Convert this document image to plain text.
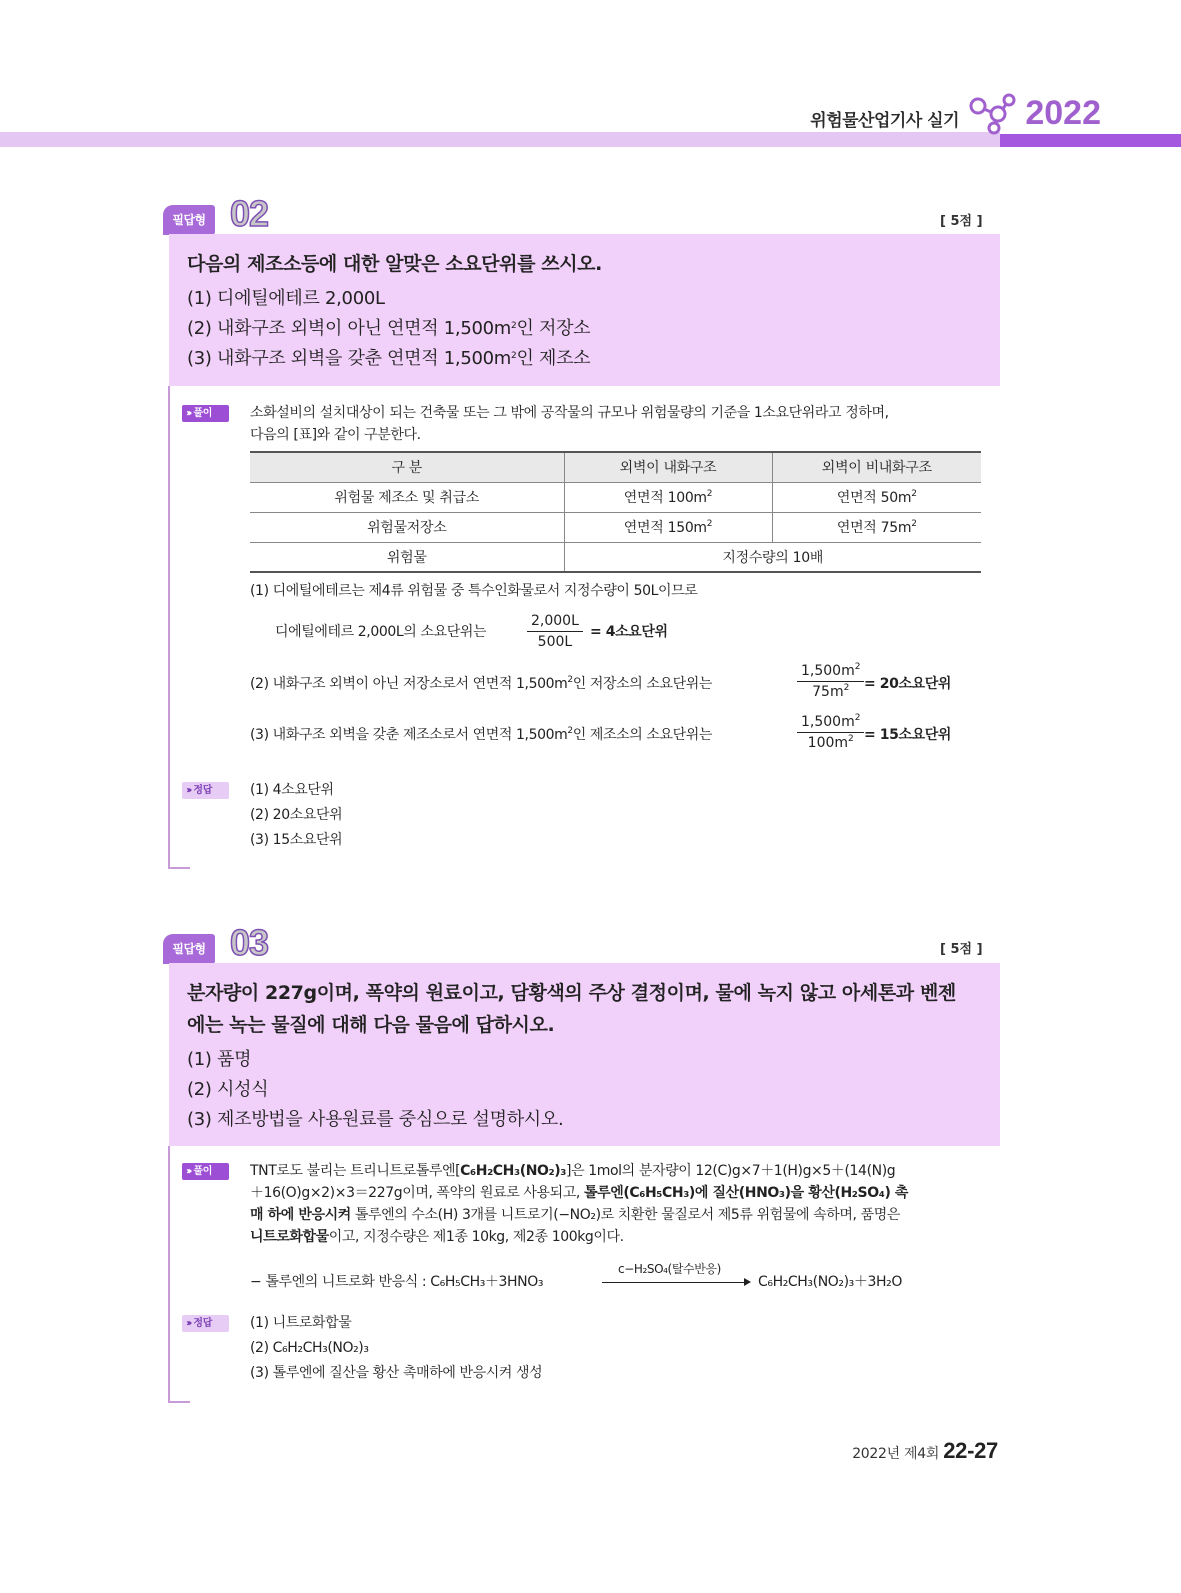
위험물산업기사 실기 2022
필답형 02	[ 5점 ]
다음의 제조소등에 대한 알맞은 소요단위를 쓰시오.
(1) 디에틸에테르 2,000L
(2) 내화구조 외벽이 아닌 연면적 $1,500m^2$인 저장소
(3) 내화구조 외벽을 갖춘 연면적 $1,500m^2$인 제조소
››› 풀이	소화설비의 설치대상이 되는 건축물 또는 그 밖에 공작물의 규모나 위험물량의 기준을 1소요단위라고 정하며,
다음의 [표]와 같이 구분한다.
구 분	외벽이 내화구조	외벽이 비내화구조
위험물 제조소 및 취급소	연면적 $100m^2$	연면적 $50m^2$
위험물저장소	연면적 $150m^2$	연면적 $75m^2$
위험물	지정수량의 10배	
(1) 디에틸에테르는 제4류 위험물 중 특수인화물로서 지정수량이 50L이므로
디에틸에테르 2,000L의 소요단위는	$\frac{2,000L}{500L} = 4$소요단위
(2) 내화구조 외벽이 아닌 저장소로서 연면적 $1,500m^2$인 저장소의 소요단위는	$\frac{1,500m^2}{75m^2} = 20$소요단위
(3) 내화구조 외벽을 갖춘 제조소로서 연면적 $1,500m^2$인 제조소의 소요단위는	$\frac{1,500m^2}{100m^2} = 15$소요단위
››› 정답	(1) 4소요단위
(2) 20소요단위
(3) 15소요단위
필답형 03	[ 5점 ]
분자량이 227g이며, 폭약의 원료이고, 담황색의 주상 결정이며, 물에 녹지 않고 아세톤과 벤젠
에는 녹는 물질에 대해 다음 물음에 답하시오.
(1) 품명
(2) 시성식
(3) 제조방법을 사용원료를 중심으로 설명하시오.
››› 풀이	TNT로도 불리는 트리니트로톨루엔[C₆H₂CH₃(NO₂)₃]은 1mol의 분자량이 12(C)g×7＋1(H)g×5＋(14(N)g
＋16(O)g×2)×3＝227g이며, 폭약의 원료로 사용되고, 톨루엔(C₆H₅CH₃)에 질산(HNO₃)을 황산(H₂SO₄) 촉
매 하에 반응시켜 톨루엔의 수소(H) 3개를 니트로기(−NO₂)로 치환한 물질로서 제5류 위험물에 속하며, 품명은
니트로화합물이고, 지정수량은 제1종 10kg, 제2종 100kg이다.
− 톨루엔의 니트로화 반응식 : C₆H₅CH₃＋3HNO₃
c−H₂SO₄(탈수반응)
C₆H₂CH₃(NO₂)₃＋3H₂O
››› 정답	(1) 니트로화합물
(2) C₆H₂CH₃(NO₂)₃
(3) 톨루엔에 질산을 황산 촉매하에 반응시켜 생성
2022년 제4회 22-27
